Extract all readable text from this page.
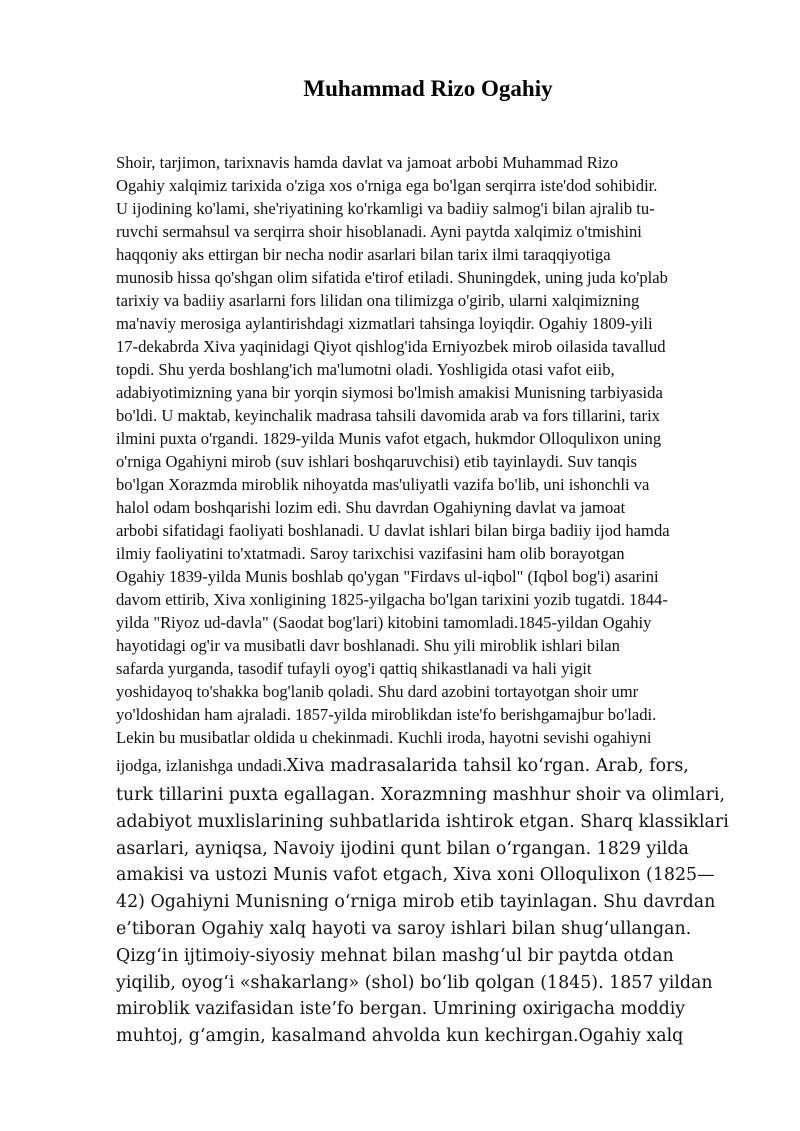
Muhammad Rizo Ogahiy
Shoir, tarjimon, tarixnavis hamda davlat va jamoat arbobi Muhammad Rizo
Ogahiy xalqimiz tarixida o'ziga xos o'rniga ega bo'lgan serqirra iste'dod sohibidir.
U ijodining ko'lami, she'riyatining ko'rkamligi va badiiy salmog'i bilan ajralib tu-
ruvchi sermahsul va serqirra shoir hisoblanadi. Ayni paytda xalqimiz o'tmishini
haqqoniy aks ettirgan bir necha nodir asarlari bilan tarix ilmi taraqqiyotiga
munosib hissa qo'shgan olim sifatida e'tirof etiladi. Shuningdek, uning juda ko'plab
tarixiy va badiiy asarlarni fors lilidan ona tilimizga o'girib, ularni xalqimizning
ma'naviy merosiga aylantirishdagi xizmatlari tahsinga loyiqdir. Ogahiy 1809-yili
17-dekabrda Xiva yaqinidagi Qiyot qishlog'ida Erniyozbek mirob oilasida tavallud
topdi. Shu yerda boshlang'ich ma'lumotni oladi. Yoshligida otasi vafot eiib,
adabiyotimizning yana bir yorqin siymosi bo'lmish amakisi Munisning tarbiyasida
bo'ldi. U maktab, keyinchalik madrasa tahsili davomida arab va fors tillarini, tarix
ilmini puxta o'rgandi. 1829-yilda Munis vafot etgach, hukmdor Olloqulixon uning
o'rniga Ogahiyni mirob (suv ishlari boshqaruvchisi) etib tayinlaydi. Suv tanqis
bo'lgan Xorazmda miroblik nihoyatda mas'uliyatli vazifa bo'lib, uni ishonchli va
halol odam boshqarishi lozim edi. Shu davrdan Ogahiyning davlat va jamoat
arbobi sifatidagi faoliyati boshlanadi. U davlat ishlari bilan birga badiiy ijod hamda
ilmiy faoliyatini to'xtatmadi. Saroy tarixchisi vazifasini ham olib borayotgan
Ogahiy 1839-yilda Munis boshlab qo'ygan "Firdavs ul-iqbol" (Iqbol bog'i) asarini
davom ettirib, Xiva xonligining 1825-yilgacha bo'lgan tarixini yozib tugatdi. 1844-
yilda "Riyoz ud-davla" (Saodat bog'lari) kitobini tamomladi.1845-yildan Ogahiy
hayotidagi og'ir va musibatli davr boshlanadi. Shu yili miroblik ishlari bilan
safarda yurganda, tasodif tufayli oyog'i qattiq shikastlanadi va hali yigit
yoshidayoq to'shakka bog'lanib qoladi. Shu dard azobini tortayotgan shoir umr
yo'ldoshidan ham ajraladi. 1857-yilda miroblikdan iste'fo berishgamajbur bo'ladi.
Lekin bu musibatlar oldida u chekinmadi. Kuchli iroda, hayotni sevishi ogahiyni
ijodga, izlanishga undadi.Xiva madrasalarida tahsil ko‘rgan. Arab, fors,
turk tillarini puxta egallagan. Xorazmning mashhur shoir va olimlari,
adabiyot muxlislarining suhbatlarida ishtirok etgan. Sharq klassiklari
asarlari, ayniqsa, Navoiy ijodini qunt bilan o‘rgangan. 1829 yilda
amakisi va ustozi Munis vafot etgach, Xiva xoni Olloqulixon (1825—
42) Ogahiyni Munisning o‘rniga mirob etib tayinlagan. Shu davrdan
e’tiboran Ogahiy xalq hayoti va saroy ishlari bilan shug‘ullangan.
Qizg‘in ijtimoiy-siyosiy mehnat bilan mashg‘ul bir paytda otdan
yiqilib, oyog‘i «shakarlang» (shol) bo‘lib qolgan (1845). 1857 yildan
miroblik vazifasidan iste’fo bergan. Umrining oxirigacha moddiy
muhtoj, g‘amgin, kasalmand ahvolda kun kechirgan.Ogahiy xalq
